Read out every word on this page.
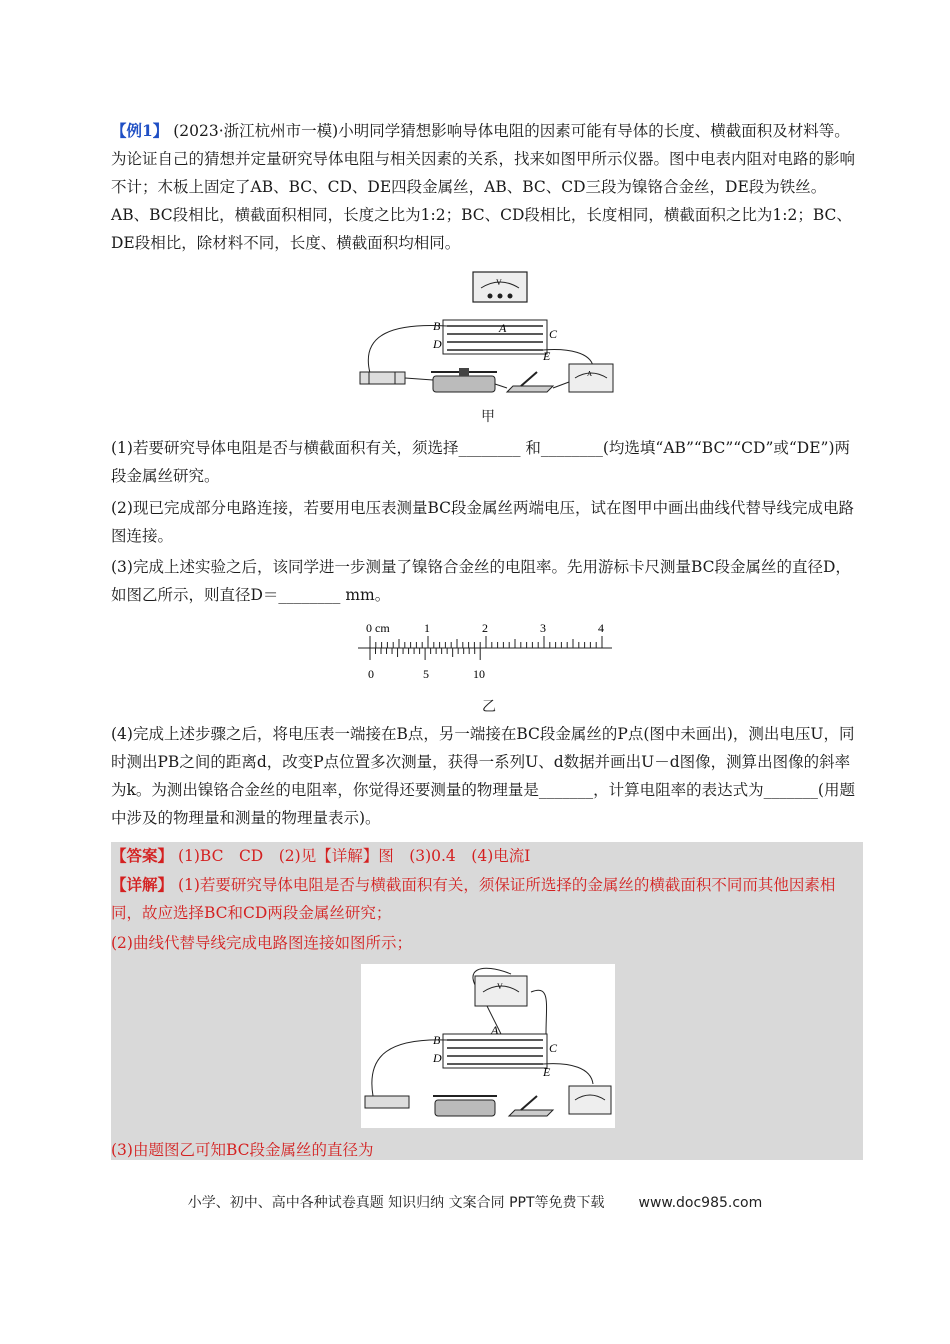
【例1】 (2023·浙江杭州市一模)小明同学猜想影响导体电阻的因素可能有导体的长度、横截面积及材料等。为论证自己的猜想并定量研究导体电阻与相关因素的关系，找来如图甲所示仪器。图中电表内阻对电路的影响不计；木板上固定了AB、BC、CD、DE四段金属丝，AB、BC、CD三段为镍铬合金丝，DE段为铁丝。AB、BC段相比，横截面积相同，长度之比为1:2；BC、CD段相比，长度相同，横截面积之比为1:2；BC、DE段相比，除材料不同，长度、横截面积均相同。

V
B	A	C
D
E
A
甲

(1)若要研究导体电阻是否与横截面积有关，须选择________ 和________(均选填“AB”“BC”“CD”或“DE”)两段金属丝研究。

(2)现已完成部分电路连接，若要用电压表测量BC段金属丝两端电压，试在图甲中画出曲线代替导线完成电路图连接。

(3)完成上述实验之后，该同学进一步测量了镍铬合金丝的电阻率。先用游标卡尺测量BC段金属丝的直径D，如图乙所示，则直径D＝________ mm。

0 cm	1	2	3	4
0	5	10
乙

(4)完成上述步骤之后，将电压表一端接在B点，另一端接在BC段金属丝的P点(图中未画出)，测出电压U，同时测出PB之间的距离d，改变P点位置多次测量，获得一系列U、d数据并画出U－d图像，测算出图像的斜率为k。为测出镍铬合金丝的电阻率，你觉得还要测量的物理量是_______，计算电阻率的表达式为_______(用题中涉及的物理量和测量的物理量表示)。

【答案】 (1)BC　CD　(2)见【详解】图　(3)0.4　(4)电流I

【详解】 (1)若要研究导体电阻是否与横截面积有关，须保证所选择的金属丝的横截面积不同而其他因素相同，故应选择BC和CD两段金属丝研究；

(2)曲线代替导线完成电路图连接如图所示；

V
B
A
C
D
E

(3)由题图乙可知BC段金属丝的直径为

小学、初中、高中各种试卷真题 知识归纳 文案合同 PPT等免费下载 www.doc985.com
